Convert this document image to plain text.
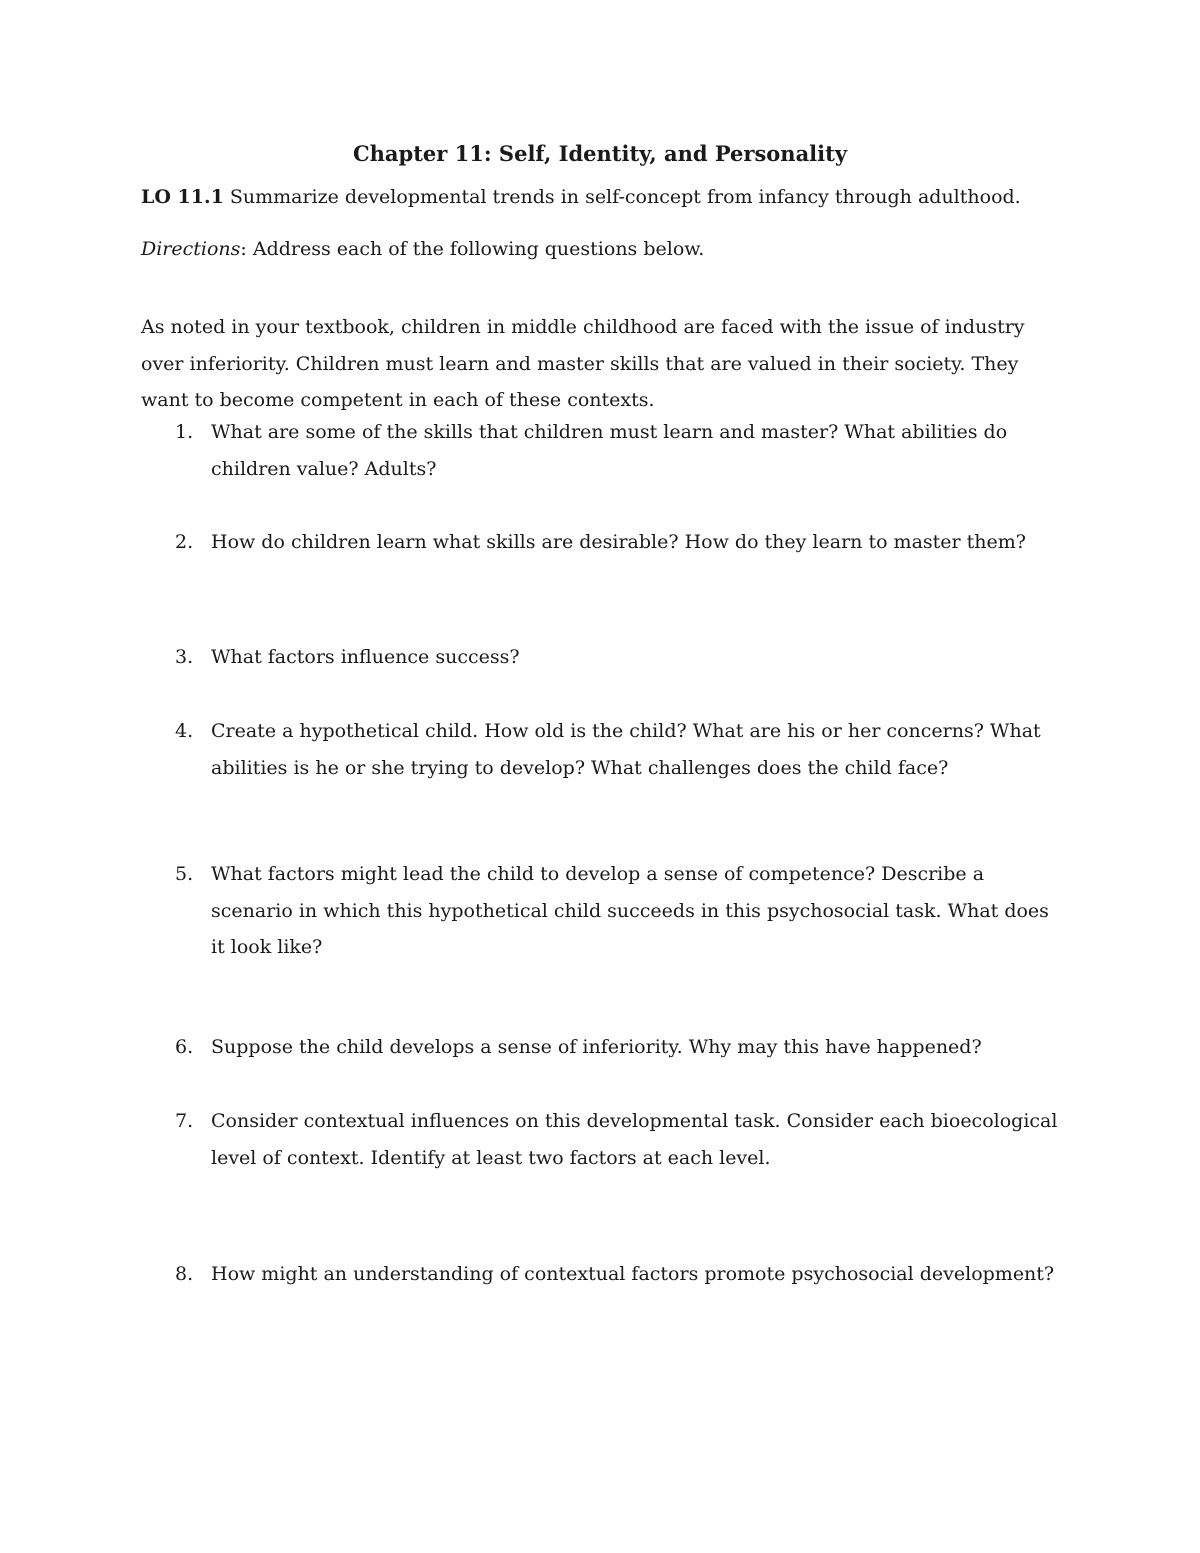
Chapter 11: Self, Identity, and Personality

LO 11.1 Summarize developmental trends in self-concept from infancy through adulthood.

Directions: Address each of the following questions below.

As noted in your textbook, children in middle childhood are faced with the issue of industry over inferiority. Children must learn and master skills that are valued in their society. They want to become competent in each of these contexts.

1. What are some of the skills that children must learn and master? What abilities do children value? Adults?
2. How do children learn what skills are desirable? How do they learn to master them?
3. What factors influence success?
4. Create a hypothetical child. How old is the child? What are his or her concerns? What abilities is he or she trying to develop? What challenges does the child face?
5. What factors might lead the child to develop a sense of competence? Describe a scenario in which this hypothetical child succeeds in this psychosocial task. What does it look like?
6. Suppose the child develops a sense of inferiority. Why may this have happened?
7. Consider contextual influences on this developmental task. Consider each bioecological level of context. Identify at least two factors at each level.
8. How might an understanding of contextual factors promote psychosocial development?
